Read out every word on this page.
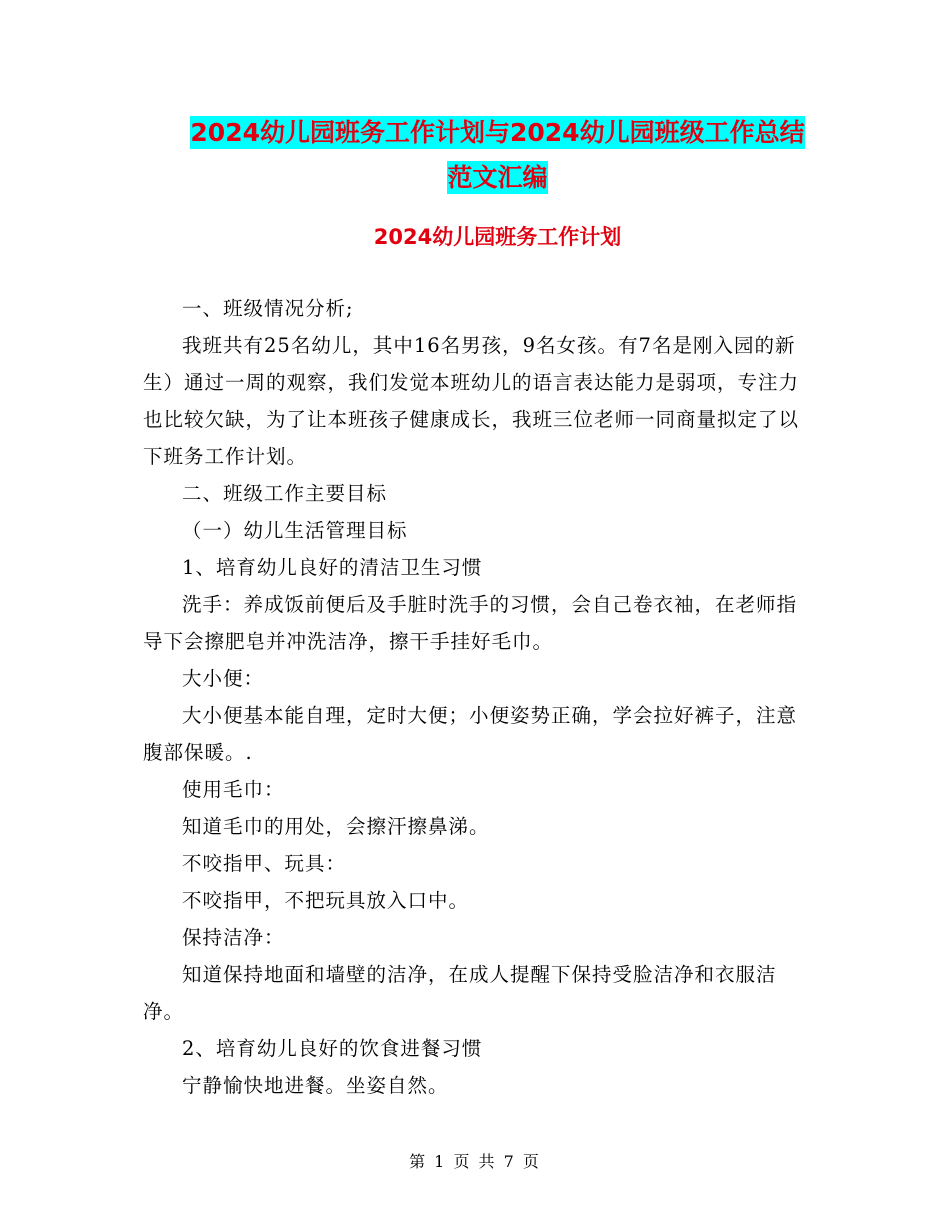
2024幼儿园班务工作计划与2024幼儿园班级工作总结
范文汇编
2024幼儿园班务工作计划

一、班级情况分析;

我班共有25名幼儿，其中16名男孩，9名女孩。有7名是刚入园的新生）通过一周的观察，我们发觉本班幼儿的语言表达能力是弱项，专注力也比较欠缺，为了让本班孩子健康成长，我班三位老师一同商量拟定了以下班务工作计划。

二、班级工作主要目标

（一）幼儿生活管理目标

1、培育幼儿良好的清洁卫生习惯

洗手：养成饭前便后及手脏时洗手的习惯，会自己卷衣袖，在老师指导下会擦肥皂并冲洗洁净，擦干手挂好毛巾。

大小便：

大小便基本能自理，定时大便；小便姿势正确，学会拉好裤子，注意腹部保暖。.

使用毛巾：

知道毛巾的用处，会擦汗擦鼻涕。

不咬指甲、玩具：

不咬指甲，不把玩具放入口中。

保持洁净：

知道保持地面和墙壁的洁净，在成人提醒下保持受脸洁净和衣服洁净。

2、培育幼儿良好的饮食进餐习惯

宁静愉快地进餐。坐姿自然。

第 1 页 共 7 页
